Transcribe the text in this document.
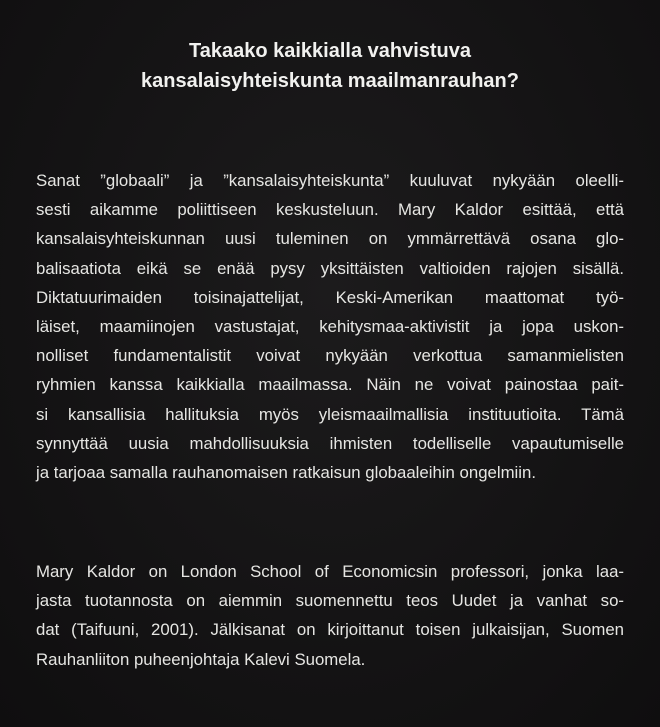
Takaako kaikkialla vahvistuva
kansalaisyhteiskunta maailmanrauhan?
Sanat ”globaali” ja ”kansalaisyhteiskunta” kuuluvat nykyään oleelli-
sesti aikamme poliittiseen keskusteluun. Mary Kaldor esittää, että
kansalaisyhteiskunnan uusi tuleminen on ymmärrettävä osana glo-
balisaatiota eikä se enää pysy yksittäisten valtioiden rajojen sisällä.
Diktatuurimaiden toisinajattelijat, Keski-Amerikan maattomat työ-
läiset, maamiinojen vastustajat, kehitysmaa-aktivistit ja jopa uskon-
nolliset fundamentalistit voivat nykyään verkottua samanmielisten
ryhmien kanssa kaikkialla maailmassa. Näin ne voivat painostaa pait-
si kansallisia hallituksia myös yleismaailmallisia instituutioita. Tämä
synnyttää uusia mahdollisuuksia ihmisten todelliselle vapautumiselle
ja tarjoaa samalla rauhanomaisen ratkaisun globaaleihin ongelmiin.
Mary Kaldor on London School of Economicsin professori, jonka laa-
jasta tuotannosta on aiemmin suomennettu teos Uudet ja vanhat so-
dat (Taifuuni, 2001). Jälkisanat on kirjoittanut toisen julkaisijan, Suomen
Rauhanliiton puheenjohtaja Kalevi Suomela.
